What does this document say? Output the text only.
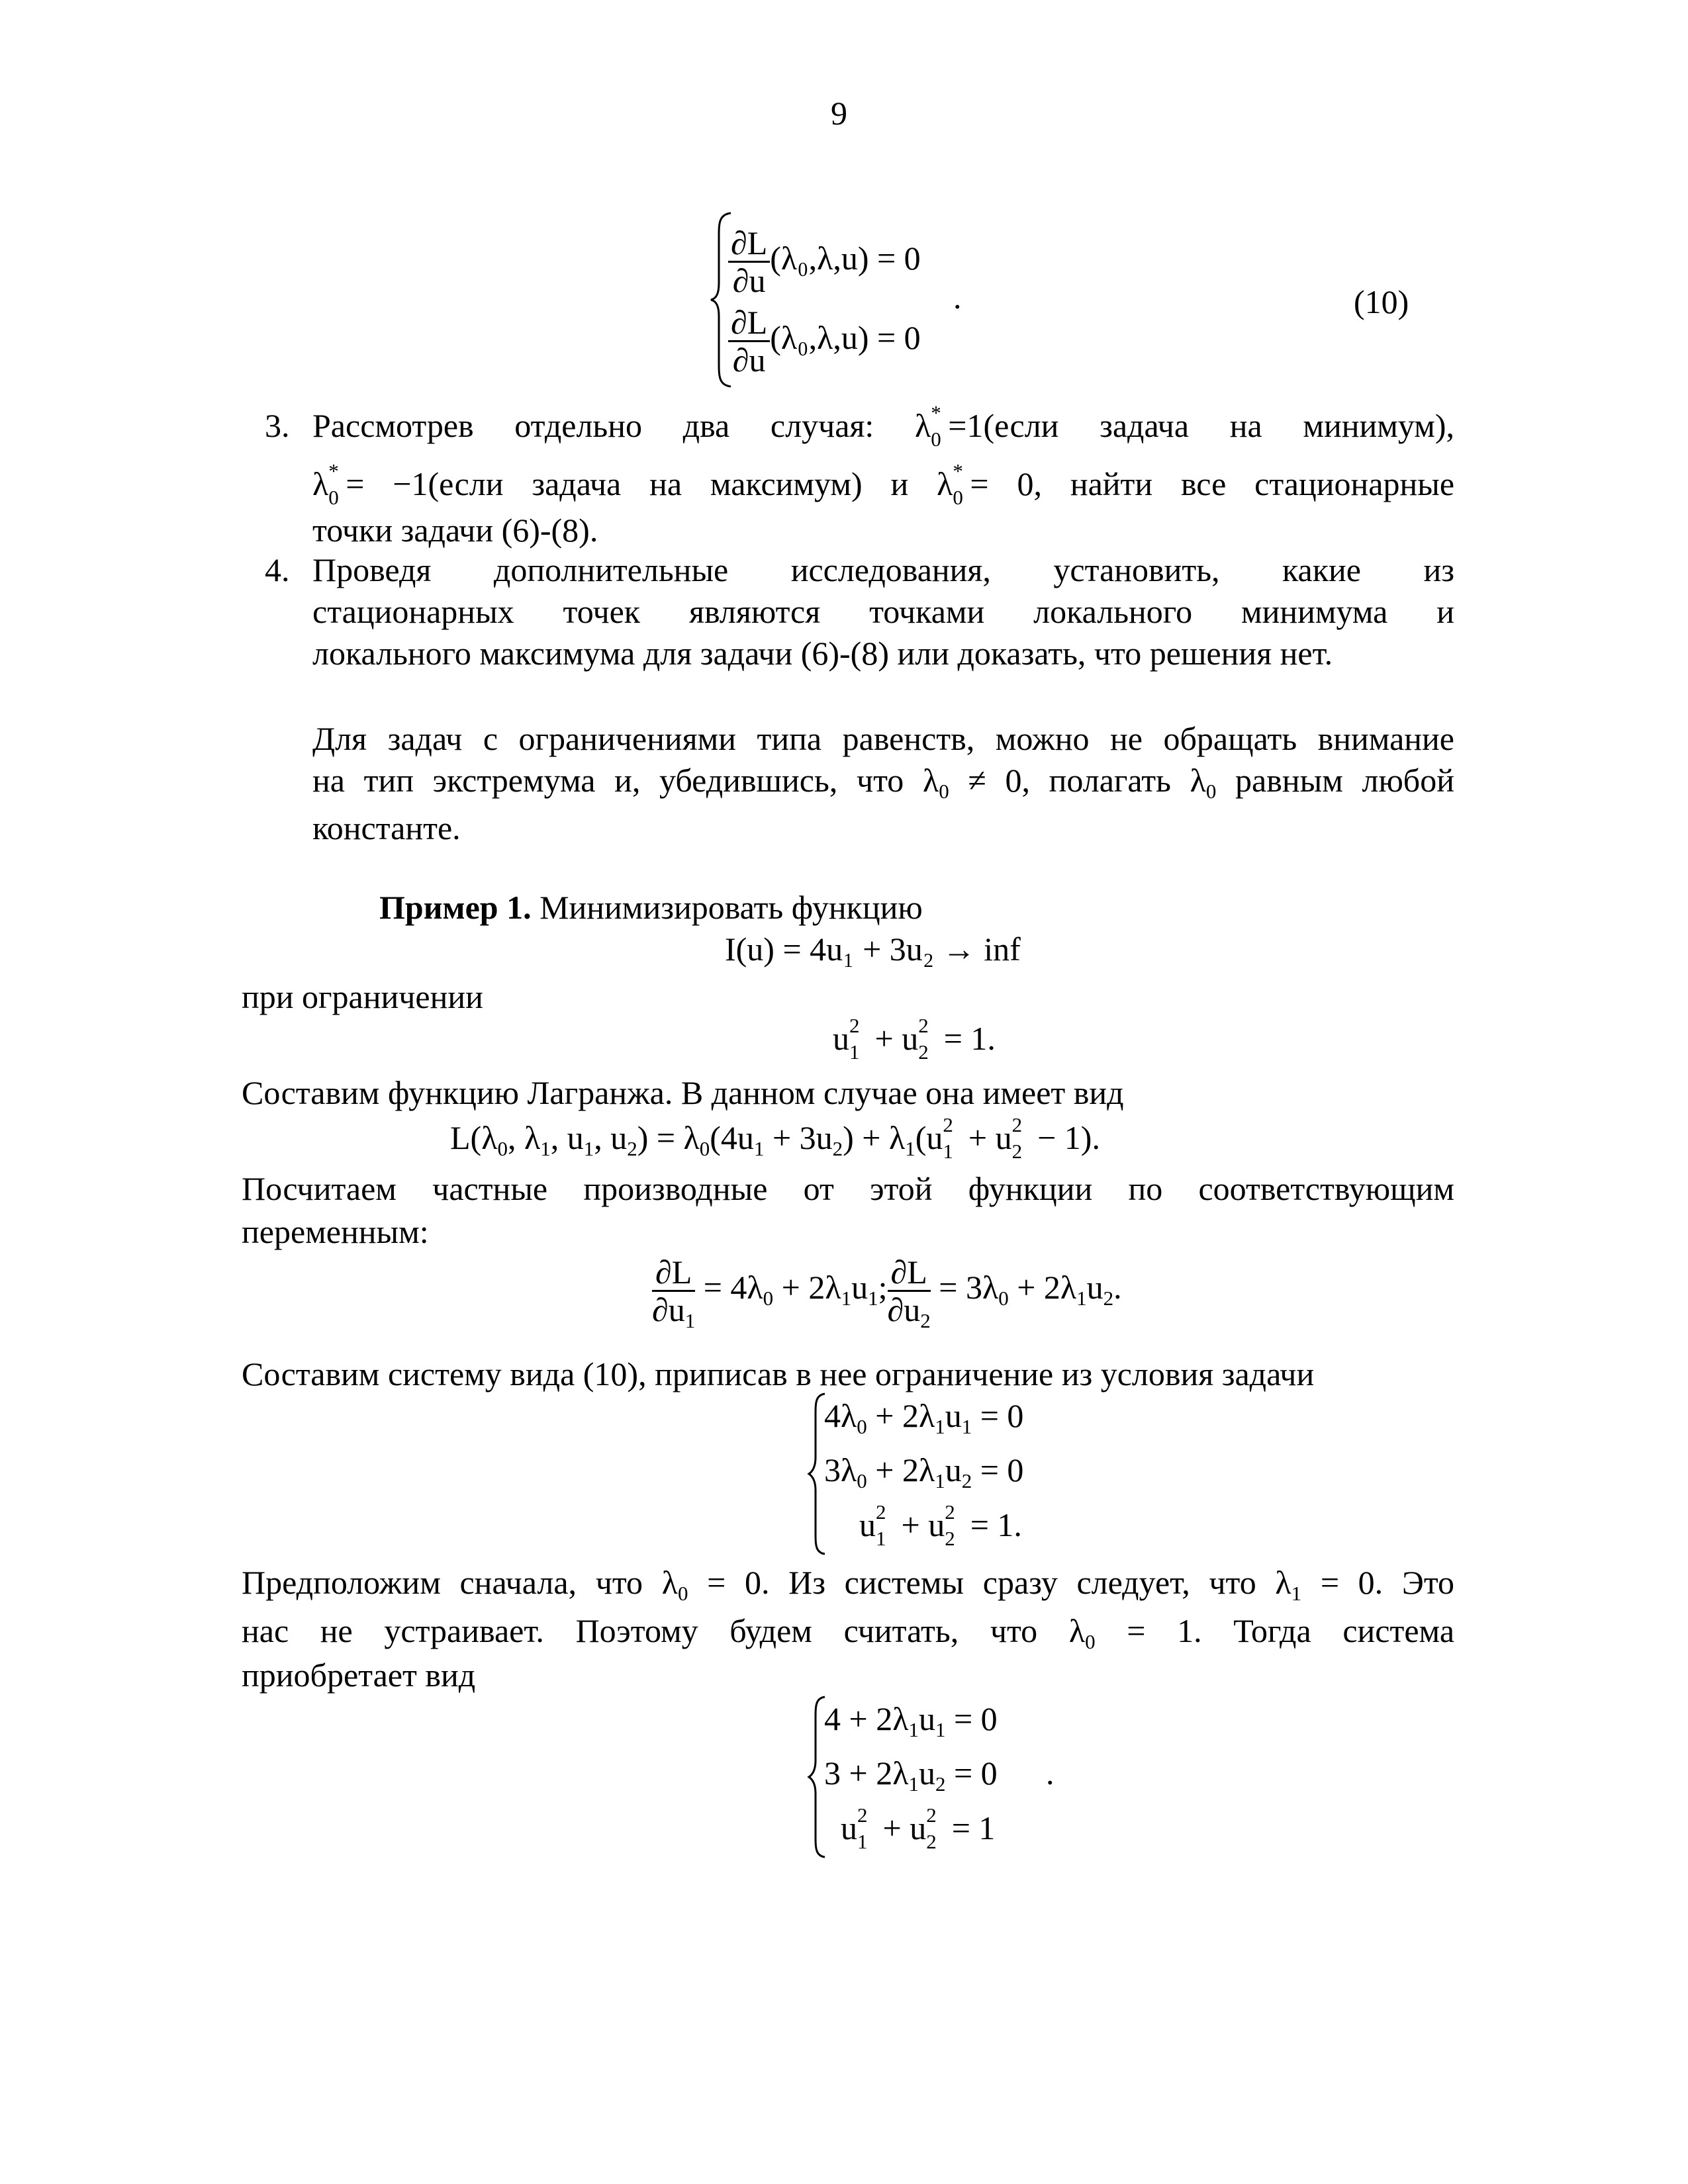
9
$\frac{\partial L}{\partial u} (\lambda_0,\lambda,u) = 0$
$\frac{\partial L}{\partial u} (\lambda_0,\lambda,u) = 0$
.	(10)
3. Рассмотрев отдельно два случая: λ *
0 =1(если задача на минимум),
λ *
0 = −1(если задача на максимум) и λ *
0 = 0, найти все стационарные
точки задачи (6)-(8).
4. Проведя дополнительные исследования, установить, какие из
стационарных точек являются точками локального минимума и
локального максимума для задачи (6)-(8) или доказать, что решения нет.
Для задач с ограничениями типа равенств, можно не обращать внимание
на тип экстремума и, убедившись, что $\lambda_0 \ne 0$, полагать $\lambda_0$ равным любой
константе.
Пример 1. Минимизировать функцию
I(u) = 4u₁ + 3u₂ → inf
при ограничении
u 2
1 + u 2
2 = 1.
Составим функцию Лагранжа. В данном случае она имеет вид
$L(\lambda_0$, $\lambda_1$, $u_1$, $u_2) = \lambda_0(4u_1 + 3u_2) + \lambda_1(u$ 2
1 + u 2
2 − 1).
Посчитаем частные производные от этой функции по соответствующим
переменным:
$\frac{\partial L}{\partial u_1} = 4\lambda_0 + 2\lambda_1u_1$; $\frac{\partial L}{\partial u_2} = 3\lambda_0 + 2\lambda_1u_2$.
Составим систему вида (10), приписав в нее ограничение из условия задачи
$4\lambda_0 + 2\lambda_1u_1 = 0$
$3\lambda_0 + 2\lambda_1u_2 = 0$
u 2
1 + u 2
2 = 1.
Предположим сначала, что $\lambda_0 = 0$. Из системы сразу следует, что $\lambda_1 = 0$. Это
нас не устраивает. Поэтому будем считать, что $\lambda_0 = 1$. Тогда система
приобретает вид
$4 + 2\lambda_1u_1 = 0$
$3 + 2\lambda_1u_2 = 0$ .
u 2
1 + u 2
2 = 1
